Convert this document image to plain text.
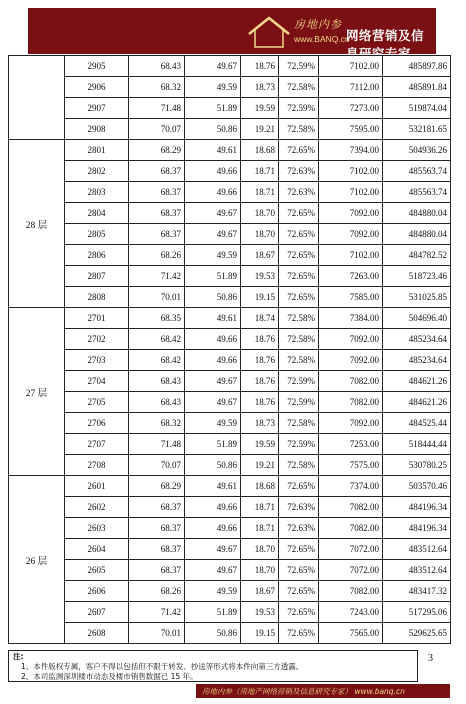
房地内参
www.BANQ.cn
网络营销及信息研究专家
	2905	68.43	49.67	18.76	72.59%	7102.00	485897.86
	2906	68.32	49.59	18.73	72.58%	7112.00	485891.84
	2907	71.48	51.89	19.59	72.59%	7273.00	519874.04
	2908	70.07	50.86	19.21	72.58%	7595.00	532181.65
28 层	2801	68.29	49.61	18.68	72.65%	7394.00	504936.26
	2802	68.37	49.66	18.71	72.63%	7102.00	485563.74
	2803	68.37	49.66	18.71	72.63%	7102.00	485563.74
	2804	68.37	49.67	18.70	72.65%	7092.00	484880.04
	2805	68.37	49.67	18.70	72.65%	7092.00	484880.04
	2806	68.26	49.59	18.67	72.65%	7102.00	484782.52
	2807	71.42	51.89	19.53	72.65%	7263.00	518723.46
	2808	70.01	50.86	19.15	72.65%	7585.00	531025.85
27 层	2701	68.35	49.61	18.74	72.58%	7384.00	504696.40
	2702	68.42	49.66	18.76	72.58%	7092.00	485234.64
	2703	68.42	49.66	18.76	72.58%	7092.00	485234.64
	2704	68.43	49.67	18.76	72.59%	7082.00	484621.26
	2705	68.43	49.67	18.76	72.59%	7082.00	484621.26
	2706	68.32	49.59	18.73	72.58%	7092.00	484525.44
	2707	71.48	51.89	19.59	72.59%	7253.00	518444.44
	2708	70.07	50.86	19.21	72.58%	7575.00	530780.25
26 层	2601	68.29	49.61	18.68	72.65%	7374.00	503570.46
	2602	68.37	49.66	18.71	72.63%	7082.00	484196.34
	2603	68.37	49.66	18.71	72.63%	7082.00	484196.34
	2604	68.37	49.67	18.70	72.65%	7072.00	483512.64
	2605	68.37	49.67	18.70	72.65%	7072.00	483512.64
	2606	68.26	49.59	18.67	72.65%	7082.00	483417.32
	2607	71.42	51.89	19.53	72.65%	7243.00	517295.06
	2608	70.01	50.86	19.15	72.65%	7565.00	529625.65
注:
1、本件版权专属，客户不得以包括但不限于转发、抄送等形式将本件向第三方透露。
2、本司监测深圳楼市动态及楼市销售数据已 15 年。
3
房地内参（房地产网络营销及信息研究专家） www.banq.cn
